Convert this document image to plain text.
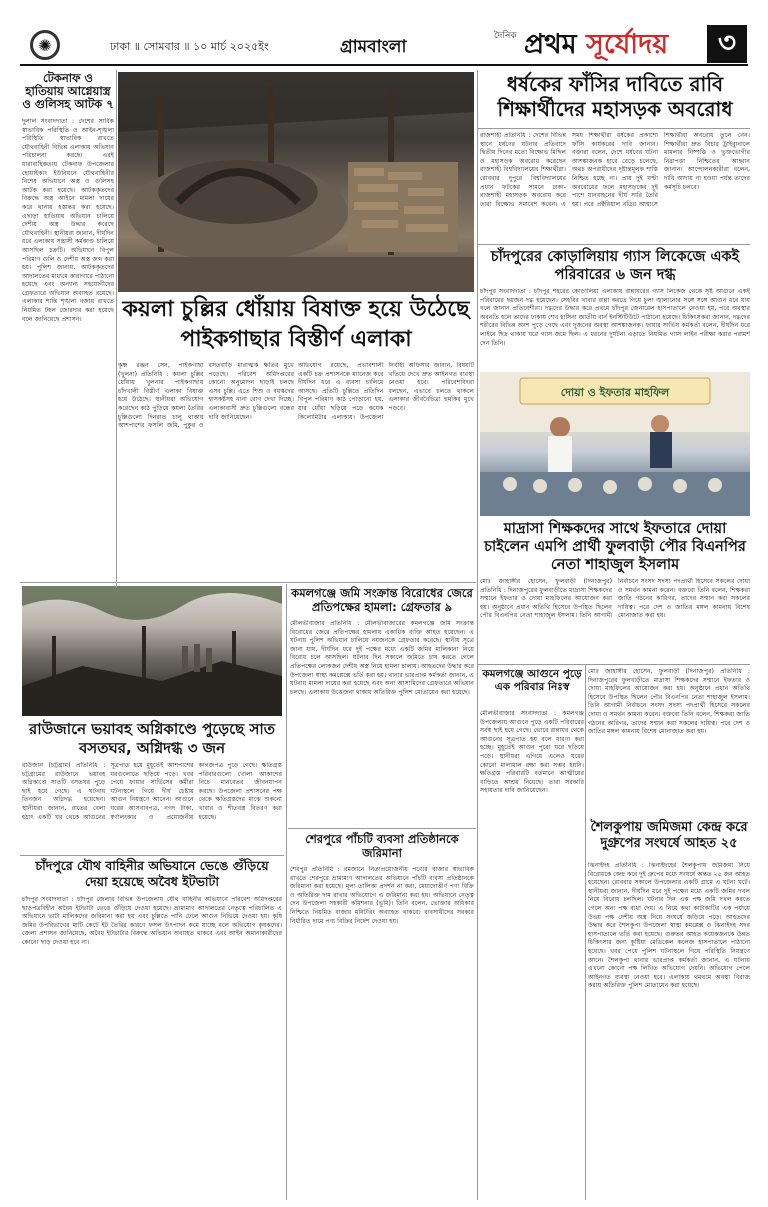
✺	ঢাকা ॥ সোমবার ॥ ১০ মার্চ ২০২৫ইং	গ্রামবাংলা
দৈনিক প্রথম সূর্যোদয়	৩
টেকনাফ ও হাতিয়ায় আগ্নেয়াস্ত্র ও গুলিসহ আটক ৭
দুলাল সংবাদদাতা : দেশের সার্বিক স্বাভাবিক পরিস্থিতি ও আইন-শৃঙ্খলা পরিস্থিতি স্বাভাবিক রাখতে যৌথবাহিনী বিভিন্ন এলাকায় অভিযান পরিচালনা করছে। এরই ধারাবাহিকতায় টেকনাফ উপজেলার হোয়াইক্যং ইউনিয়নে যৌথবাহিনীর বিশেষ অভিযানে অস্ত্র ও গুলিসহ আটক করা হয়েছে। আটককৃতদের বিরুদ্ধে অস্ত্র আইনে মামলা দায়ের করে থানায় হস্তান্তর করা হয়েছে। এছাড়া হাতিয়ায় অভিযান চালিয়ে দেশীয় অস্ত্র উদ্ধার করেছে যৌথবাহিনী। স্থানীয়রা জানান, দীর্ঘদিন ধরে এলাকায় সন্ত্রাসী কর্মকাণ্ড চালিয়ে আসছিল চক্রটি। অভিযানে বিপুল পরিমাণ গুলি ও দেশীয় অস্ত্র জব্দ করা হয়। পুলিশ জানায়, আটককৃতদের আদালতের মাধ্যমে কারাগারে পাঠানো হয়েছে এবং অন্যান্য সহযোগীদের গ্রেফতারে অভিযান অব্যাহত রয়েছে। এলাকার শান্তি শৃঙ্খলা বজায় রাখতে নিয়মিত টহল জোরদার করা হয়েছে বলে জানিয়েছে প্রশাসন।
ধর্ষকের ফাঁসির দাবিতে রাবি শিক্ষার্থীদের মহাসড়ক অবরোধ
রাজশাহী প্রতিনিধি : দেশের বিভিন্ন স্থানে ধর্ষণের ঘটনার প্রতিবাদে দ্বিতীয় দিনের মতো বিক্ষোভ মিছিল ও মহাসড়ক অবরোধ করেছেন রাজশাহী বিশ্ববিদ্যালয়ের শিক্ষার্থীরা। রোববার দুপুরে বিশ্ববিদ্যালয়ের প্রধান ফটকের সামনে ঢাকা-রাজশাহী মহাসড়ক অবরোধ করে তারা বিক্ষোভ সমাবেশ করেন। এ সময় শিক্ষার্থীরা ধর্ষকের প্রকাশ্যে ফাঁসি কার্যকরের দাবি জানান। বক্তারা বলেন, দেশে ধর্ষণের ঘটনা আশঙ্কাজনক হারে বেড়ে চলেছে, অথচ অপরাধীদের দৃষ্টান্তমূলক শাস্তি নিশ্চিত হচ্ছে না। প্রায় দুই ঘণ্টা অবরোধের ফলে মহাসড়কের দুই পাশে যানবাহনের দীর্ঘ সারি তৈরি হয়। পরে প্রক্টরিয়াল বডির আশ্বাসে শিক্ষার্থীরা অবরোধ তুলে নেন। শিক্ষার্থীরা দ্রুত বিচার ট্রাইব্যুনালে মামলার নিষ্পত্তি ও ভুক্তভোগীর নিরাপত্তা নিশ্চিতের আহ্বান জানান। আন্দোলনকারীরা বলেন, দাবি আদায় না হওয়া পর্যন্ত তাদের কর্মসূচি চলবে।
কয়লা চুল্লির ধোঁয়ায় বিষাক্ত হয়ে উঠেছে পাইকগাছার বিস্তীর্ণ এলাকা
কৃষ্ণ রঞ্জন সেন, পাইকগাছা (খুলনা) প্রতিনিধি : কয়লা চুল্লির ধোঁয়ায় খুলনার পাইকগাছায় চাঁদখালী বিস্তীর্ণ এলাকা বিষাক্ত হয়ে উঠেছে। স্থানীয়রা অভিযোগ করেছেন কাঠ পুড়িয়ে কয়লা তৈরির চুল্লিগুলো দিনরাত চালু থাকায় আশপাশের ফসলি জমি, পুকুর ও বসতবাড়ি মারাত্মক ক্ষতির মুখে পড়েছে। পরিবেশ অধিদপ্তরের কোনো অনুমোদন ছাড়াই চলছে এসব চুল্লি। এতে শিশু ও বয়স্কদের শ্বাসকষ্টসহ নানা রোগ দেখা দিচ্ছে। এলাকাবাসী দ্রুত চুল্লিগুলো বন্ধের দাবি জানিয়েছেন।
অভিযোগ রয়েছে, প্রভাবশালী একটি চক্র প্রশাসনকে ম্যানেজ করে দীর্ঘদিন ধরে এ ব্যবসা চালিয়ে আসছে। প্রতিটি চুল্লিতে প্রতিদিন বিপুল পরিমাণ কাঠ পোড়ানো হয়, যার ধোঁয়া ছড়িয়ে পড়ে কয়েক কিলোমিটার এলাকায়। উপজেলা নির্বাহী অফিসার জানান, বিষয়টি খতিয়ে দেখে দ্রুত আইনগত ব্যবস্থা নেওয়া হবে। পরিবেশবিদরা বলছেন, এভাবে চলতে থাকলে এলাকার জীববৈচিত্র্য হুমকির মুখে পড়বে।
চাঁদপুরের কোড়ালিয়ায় গ্যাস লিকেজে একই পরিবারের ৬ জন দগ্ধ
চাঁদপুর সংবাদদাতা : চাঁদপুর শহরের কোড়ালিয়া এলাকায় রান্নাঘরের গ্যাস লিকেজ থেকে সৃষ্ট আগুনে একই পরিবারের ছয়জন দগ্ধ হয়েছেন। সেহরির খাবার রান্না করতে গিয়ে চুলা জ্বালানোর সঙ্গে সঙ্গে আগুন ধরে যায় বলে জানান প্রতিবেশীরা। দগ্ধদের উদ্ধার করে প্রথমে চাঁদপুর জেনারেল হাসপাতালে নেওয়া হয়, পরে অবস্থার অবনতি হলে তাদের ঢাকায় শেখ হাসিনা জাতীয় বার্ন ইনস্টিটিউটে পাঠানো হয়েছে। চিকিৎসকরা জানান, দগ্ধদের শরীরের বিভিন্ন অংশ পুড়ে গেছে এবং দুজনের অবস্থা আশঙ্কাজনক। ফায়ার সার্ভিস কর্মকর্তা বলেন, দীর্ঘদিন ধরে লাইনে ছিদ্র থাকায় ঘরে গ্যাস জমে ছিল। এ ধরনের দুর্ঘটনা এড়াতে নিয়মিত গ্যাস লাইন পরীক্ষা করার পরামর্শ দেন তিনি।
দোয়া ও ইফতার মাহফিল
মাদ্রাসা শিক্ষকদের সাথে ইফতারে দোয়া চাইলেন এমপি প্রার্থী ফুলবাড়ী পৌর বিএনপির নেতা শাহাজুল ইসলাম
মোঃ জাহাঙ্গীর হোসেন, ফুলবাড়ী (দিনাজপুর) প্রতিনিধি : দিনাজপুরের ফুলবাড়ীতে মাদ্রাসা শিক্ষকদের সম্মানে ইফতার ও দোয়া মাহফিলের আয়োজন করা হয়। অনুষ্ঠানে প্রধান অতিথি হিসেবে উপস্থিত ছিলেন পৌর বিএনপির নেতা শাহাজুল ইসলাম। তিনি আগামী নির্বাচনে সংসদ সদস্য পদপ্রার্থী হিসেবে সকলের দোয়া ও সমর্থন কামনা করেন। বক্তব্যে তিনি বলেন, শিক্ষকরা জাতি গঠনের কারিগর, তাদের সম্মান করা সকলের দায়িত্ব। পরে দেশ ও জাতির মঙ্গল কামনায় বিশেষ মোনাজাত করা হয়।
কমলগঞ্জে জমি সংক্রান্ত বিরোধের জেরে প্রতিপক্ষের হামলা: গ্রেফতার ৯
মৌলভীবাজার প্রতিনিধি : মৌলভীবাজারের কমলগঞ্জে জমি সংক্রান্ত বিরোধের জেরে প্রতিপক্ষের হামলায় একাধিক ব্যক্তি আহত হয়েছেন। এ ঘটনায় পুলিশ অভিযান চালিয়ে নয়জনকে গ্রেফতার করেছে। স্থানীয় সূত্রে জানা যায়, দীর্ঘদিন ধরে দুই পক্ষের মধ্যে একটি জমির মালিকানা নিয়ে বিরোধ চলে আসছিল। ঘটনার দিন সকালে জমিতে চাষ করতে গেলে প্রতিপক্ষের লোকজন দেশীয় অস্ত্র নিয়ে হামলা চালায়। আহতদের উদ্ধার করে উপজেলা স্বাস্থ্য কমপ্লেক্সে ভর্তি করা হয়। থানার ভারপ্রাপ্ত কর্মকর্তা জানান, এ ঘটনায় মামলা দায়ের করা হয়েছে এবং অন্য আসামিদের গ্রেফতারে অভিযান চলছে। এলাকায় উত্তেজনা থাকায় অতিরিক্ত পুলিশ মোতায়েন করা হয়েছে।
রাউজানে ভয়াবহ অগ্নিকাণ্ডে পুড়েছে সাত বসতঘর, অগ্নিদগ্ধ ৩ জন
রাউজান (চট্টগ্রাম) প্রতিনিধি : চট্টগ্রামের রাউজানে ভয়াবহ অগ্নিকাণ্ডে সাতটি বসতঘর পুড়ে ছাই হয়ে গেছে। এ ঘটনায় তিনজন অগ্নিদগ্ধ হয়েছেন। স্থানীয়রা জানান, রাতের বেলা হঠাৎ একটি ঘর থেকে আগুনের সূত্রপাত হয়ে মুহূর্তেই আশপাশের ঘরগুলোতে ছড়িয়ে পড়ে। খবর পেয়ে ফায়ার সার্ভিসের কর্মীরা ঘটনাস্থলে গিয়ে দীর্ঘ চেষ্টায় আগুন নিয়ন্ত্রণে আনেন। আগুনে ঘরের আসবাবপত্র, নগদ টাকা, স্বর্ণালংকার ও প্রয়োজনীয় কাগজপত্র পুড়ে গেছে। ক্ষতিগ্রস্ত পরিবারগুলো খোলা আকাশের নিচে মানবেতর জীবনযাপন করছে। উপজেলা প্রশাসনের পক্ষ থেকে ক্ষতিগ্রস্তদের মাঝে শুকনো খাবার ও শীতবস্ত্র বিতরণ করা হয়েছে।
চাঁদপুরে যৌথ বাহিনীর অভিযানে ভেঙে গুঁড়িয়ে দেয়া হয়েছে অবৈধ ইটভাটা
চাঁদপুর সংবাদদাতা : চাঁদপুর জেলার বিভিন্ন উপজেলায় যৌথ বাহিনীর অভিযানে পরিবেশ অধিদপ্তরের ছাড়পত্রবিহীন অবৈধ ইটভাটা ভেঙে গুঁড়িয়ে দেওয়া হয়েছে। ভ্রাম্যমাণ আদালতের নেতৃত্বে পরিচালিত এ অভিযানে ভাটা মালিকদের জরিমানা করা হয় এবং চুল্লিতে পানি ঢেলে আগুন নিভিয়ে দেওয়া হয়। কৃষি জমির উপরিভাগের মাটি কেটে ইট তৈরির কারণে ফসল উৎপাদন কমে যাচ্ছে বলে অভিযোগ কৃষকদের। জেলা প্রশাসন জানিয়েছে, অবৈধ ইটভাটার বিরুদ্ধে অভিযান অব্যাহত থাকবে এবং আইন অমান্যকারীদের কোনো ছাড় দেওয়া হবে না।
কমলগঞ্জে আগুনে পুড়ে এক পরিবার নিঃস্ব
মৌলভীবাজার সংবাদদাতা : কমলগঞ্জ উপজেলায় আগুনে পুড়ে একটি পরিবারের সর্বস্ব ছাই হয়ে গেছে। ভোরে রান্নাঘর থেকে আগুনের সূত্রপাত হয় বলে ধারণা করা হচ্ছে। মুহূর্তেই আগুন পুরো ঘরে ছড়িয়ে পড়ে। স্থানীয়রা এগিয়ে এলেও ঘরের কোনো মালামাল রক্ষা করা সম্ভব হয়নি। ক্ষতিগ্রস্ত পরিবারটি বর্তমানে আত্মীয়ের বাড়িতে আশ্রয় নিয়েছে। তারা সরকারি সহায়তার দাবি জানিয়েছেন।
শেরপুরে পাঁচটি ব্যবসা প্রতিষ্ঠানকে জরিমানা
শেরপুর প্রতিনিধি : রমজানে নিত্যপ্রয়োজনীয় পণ্যের বাজার স্বাভাবিক রাখতে শেরপুরে ভ্রাম্যমাণ আদালতের অভিযানে পাঁচটি ব্যবসা প্রতিষ্ঠানকে জরিমানা করা হয়েছে। মূল্য তালিকা প্রদর্শন না করা, মেয়াদোত্তীর্ণ পণ্য বিক্রি ও অতিরিক্ত দাম রাখার অভিযোগে এ জরিমানা করা হয়। অভিযানে নেতৃত্ব দেন উপজেলা সহকারী কমিশনার (ভূমি)। তিনি বলেন, ভোক্তার অধিকার নিশ্চিতে নিয়মিত বাজার মনিটরিং অব্যাহত থাকবে। ব্যবসায়ীদের সরকার নির্ধারিত দামে পণ্য বিক্রির নির্দেশ দেওয়া হয়।
শৈলকুপায় জমিজমা কেন্দ্র করে দুগ্রুপের সংঘর্ষে আহত ২৫
ঝিনাইদহ প্রতিনিধি : ঝিনাইদহের শৈলকুপায় জমিজমা নিয়ে বিরোধকে কেন্দ্র করে দুই গ্রুপের মধ্যে সংঘর্ষে অন্তত ২৫ জন আহত হয়েছেন। রোববার সকালে উপজেলার একটি গ্রামে এ ঘটনা ঘটে। স্থানীয়রা জানান, দীর্ঘদিন ধরে দুই পক্ষের মধ্যে একটি জমির দখল নিয়ে বিরোধ চলছিল। ঘটনার দিন এক পক্ষ জমি দখল করতে গেলে অন্য পক্ষ বাধা দেয়। এ নিয়ে কথা কাটাকাটির এক পর্যায়ে উভয় পক্ষ দেশীয় অস্ত্র নিয়ে সংঘর্ষে জড়িয়ে পড়ে। আহতদের উদ্ধার করে শৈলকুপা উপজেলা স্বাস্থ্য কমপ্লেক্স ও ঝিনাইদহ সদর হাসপাতালে ভর্তি করা হয়েছে। গুরুতর আহত কয়েকজনকে উন্নত চিকিৎসার জন্য কুষ্টিয়া মেডিকেল কলেজ হাসপাতালে পাঠানো হয়েছে। খবর পেয়ে পুলিশ ঘটনাস্থলে গিয়ে পরিস্থিতি নিয়ন্ত্রণে আনে। শৈলকুপা থানার ভারপ্রাপ্ত কর্মকর্তা জানান, এ ঘটনায় এখনো কোনো পক্ষ লিখিত অভিযোগ দেয়নি। অভিযোগ পেলে আইনগত ব্যবস্থা নেওয়া হবে। এলাকায় থমথমে অবস্থা বিরাজ করায় অতিরিক্ত পুলিশ মোতায়েন করা হয়েছে।
মোঃ জাহাঙ্গীর হোসেন, ফুলবাড়ী (দিনাজপুর) প্রতিনিধি : দিনাজপুরের ফুলবাড়ীতে মাদ্রাসা শিক্ষকদের সম্মানে ইফতার ও দোয়া মাহফিলের আয়োজন করা হয়। অনুষ্ঠানে প্রধান অতিথি হিসেবে উপস্থিত ছিলেন পৌর বিএনপির নেতা শাহাজুল ইসলাম। তিনি আগামী নির্বাচনে সংসদ সদস্য পদপ্রার্থী হিসেবে সকলের দোয়া ও সমর্থন কামনা করেন। বক্তব্যে তিনি বলেন, শিক্ষকরা জাতি গঠনের কারিগর, তাদের সম্মান করা সকলের দায়িত্ব। পরে দেশ ও জাতির মঙ্গল কামনায় বিশেষ মোনাজাত করা হয়।
